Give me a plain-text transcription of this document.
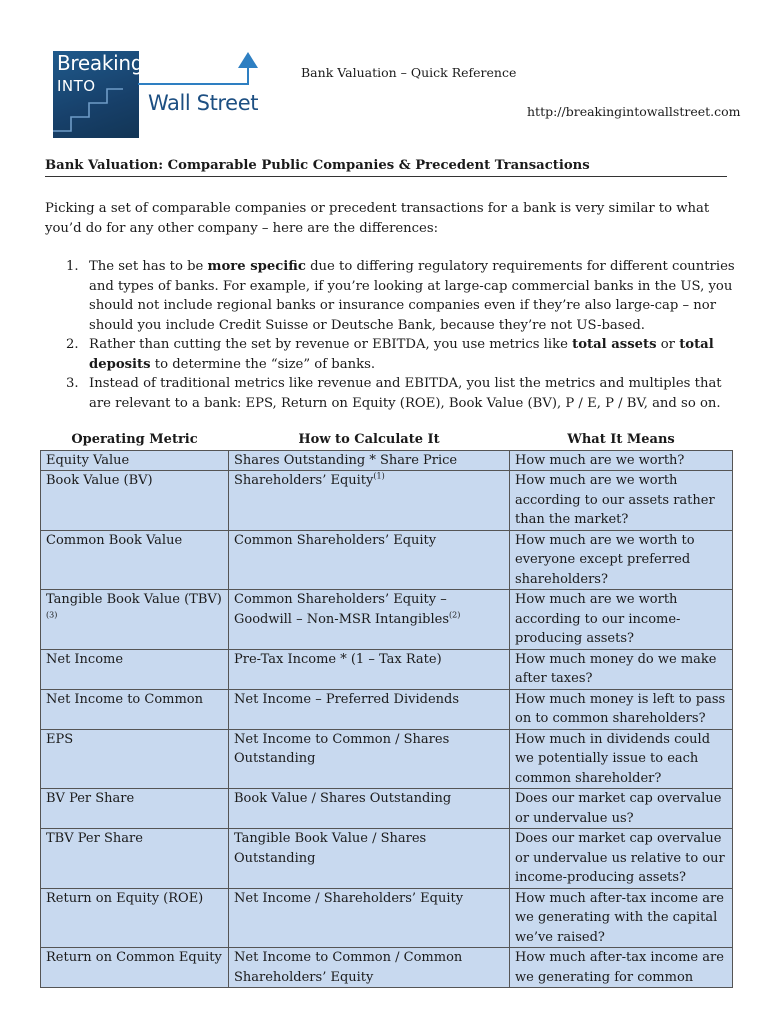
Breaking
INTO
Wall Street
Bank Valuation – Quick Reference
http://breakingintowallstreet.com
Bank Valuation: Comparable Public Companies & Precedent Transactions
Picking a set of comparable companies or precedent transactions for a bank is very similar to what you’d do for any other company – here are the differences:
1. The set has to be more specific due to differing regulatory requirements for different countries and types of banks. For example, if you’re looking at large-cap commercial banks in the US, you should not include regional banks or insurance companies even if they’re also large-cap – nor should you include Credit Suisse or Deutsche Bank, because they’re not US-based.
2. Rather than cutting the set by revenue or EBITDA, you use metrics like total assets or total deposits to determine the “size” of banks.
3. Instead of traditional metrics like revenue and EBITDA, you list the metrics and multiples that are relevant to a bank: EPS, Return on Equity (ROE), Book Value (BV), P / E, P / BV, and so on.
Operating Metric	How to Calculate It	What It Means
Equity Value	Shares Outstanding * Share Price	How much are we worth?
Book Value (BV)	Shareholders’ Equity$^{(1)}$	How much are we worth according to our assets rather than the market?
Common Book Value	Common Shareholders’ Equity	How much are we worth to everyone except preferred shareholders?
Tangible Book Value (TBV)$^{(3)}$	Common Shareholders’ Equity – Goodwill – Non-MSR Intangibles$^{(2)}$	How much are we worth according to our income-producing assets?
Net Income	Pre-Tax Income * (1 – Tax Rate)	How much money do we make after taxes?
Net Income to Common	Net Income – Preferred Dividends	How much money is left to pass on to common shareholders?
EPS	Net Income to Common / Shares Outstanding	How much in dividends could we potentially issue to each common shareholder?
BV Per Share	Book Value / Shares Outstanding	Does our market cap overvalue or undervalue us?
TBV Per Share	Tangible Book Value / Shares Outstanding	Does our market cap overvalue or undervalue us relative to our income-producing assets?
Return on Equity (ROE)	Net Income / Shareholders’ Equity	How much after-tax income are we generating with the capital we’ve raised?
Return on Common Equity	Net Income to Common / Common Shareholders’ Equity	How much after-tax income are we generating for common
